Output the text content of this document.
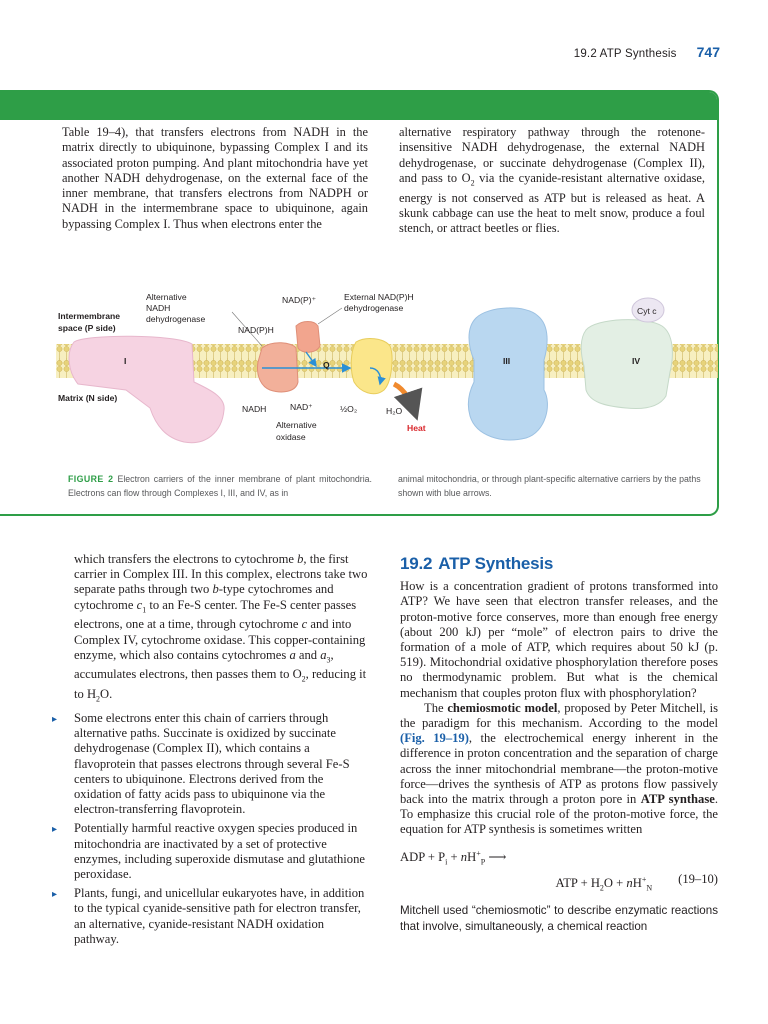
19.2 ATP Synthesis 747
Table 19–4), that transfers electrons from NADH in the matrix directly to ubiquinone, bypassing Complex I and its associated proton pumping. And plant mitochondria have yet another NADH dehydrogenase, on the external face of the inner membrane, that transfers electrons from NADPH or NADH in the intermembrane space to ubiquinone, again bypassing Complex I. Thus when electrons enter the
alternative respiratory pathway through the rotenone-insensitive NADH dehydrogenase, the external NADH dehydrogenase, or succinate dehydrogenase (Complex II), and pass to $O_2$ via the cyanide-resistant alternative oxidase, energy is not conserved as ATP but is released as heat. A skunk cabbage can use the heat to melt snow, produce a foul stench, or attract beetles or flies.
Alternative
NADH
dehydrogenase
Intermembrane
space (P side)
NAD(P)⁺
NAD(P)H
External NAD(P)H
dehydrogenase	Cyt c
I	Q	III	IV
Matrix (N side)
NADH	NAD⁺	½O₂	H₂O
Alternative
oxidase
Heat
FIGURE 2 Electron carriers of the inner membrane of plant mitochondria. Electrons can flow through Complexes I, III, and IV, as in
animal mitochondria, or through plant-specific alternative carriers by the paths shown with blue arrows.

which transfers the electrons to cytochrome b, the first carrier in Complex III. In this complex, electrons take two separate paths through two b-type cytochromes and cytochrome $c_1$ to an Fe-S center. The Fe-S center passes electrons, one at a time, through cytochrome c and into Complex IV, cytochrome oxidase. This copper-containing enzyme, which also contains cytochromes a and $a_3$, accumulates electrons, then passes them to $O_2$, reducing it to $H_2O$.

▸ Some electrons enter this chain of carriers through alternative paths. Succinate is oxidized by succinate dehydrogenase (Complex II), which contains a flavoprotein that passes electrons through several Fe-S centers to ubiquinone. Electrons derived from the oxidation of fatty acids pass to ubiquinone via the electron-transferring flavoprotein.
▸ Potentially harmful reactive oxygen species produced in mitochondria are inactivated by a set of protective enzymes, including superoxide dismutase and glutathione peroxidase.
▸ Plants, fungi, and unicellular eukaryotes have, in addition to the typical cyanide-sensitive path for electron transfer, an alternative, cyanide-resistant NADH oxidation pathway.
19.2 ATP Synthesis

How is a concentration gradient of protons transformed into ATP? We have seen that electron transfer releases, and the proton-motive force conserves, more than enough free energy (about 200 kJ) per “mole” of electron pairs to drive the formation of a mole of ATP, which requires about 50 kJ (p. 519). Mitochondrial oxidative phosphorylation therefore poses no thermodynamic problem. But what is the chemical mechanism that couples proton flux with phosphorylation?

The chemiosmotic model, proposed by Peter Mitchell, is the paradigm for this mechanism. According to the model (Fig. 19–19), the electrochemical energy inherent in the difference in proton concentration and the separation of charge across the inner mitochondrial membrane—the proton-motive force—drives the synthesis of ATP as protons flow passively back into the matrix through a proton pore in ATP synthase. To emphasize this crucial role of the proton-motive force, the equation for ATP synthesis is sometimes written

ADP + $P_i + nH^+_P$ ⟶
ATP + $H_2O + nH^+_N$
(19–10)

Mitchell used “chemiosmotic” to describe enzymatic reactions that involve, simultaneously, a chemical reaction
